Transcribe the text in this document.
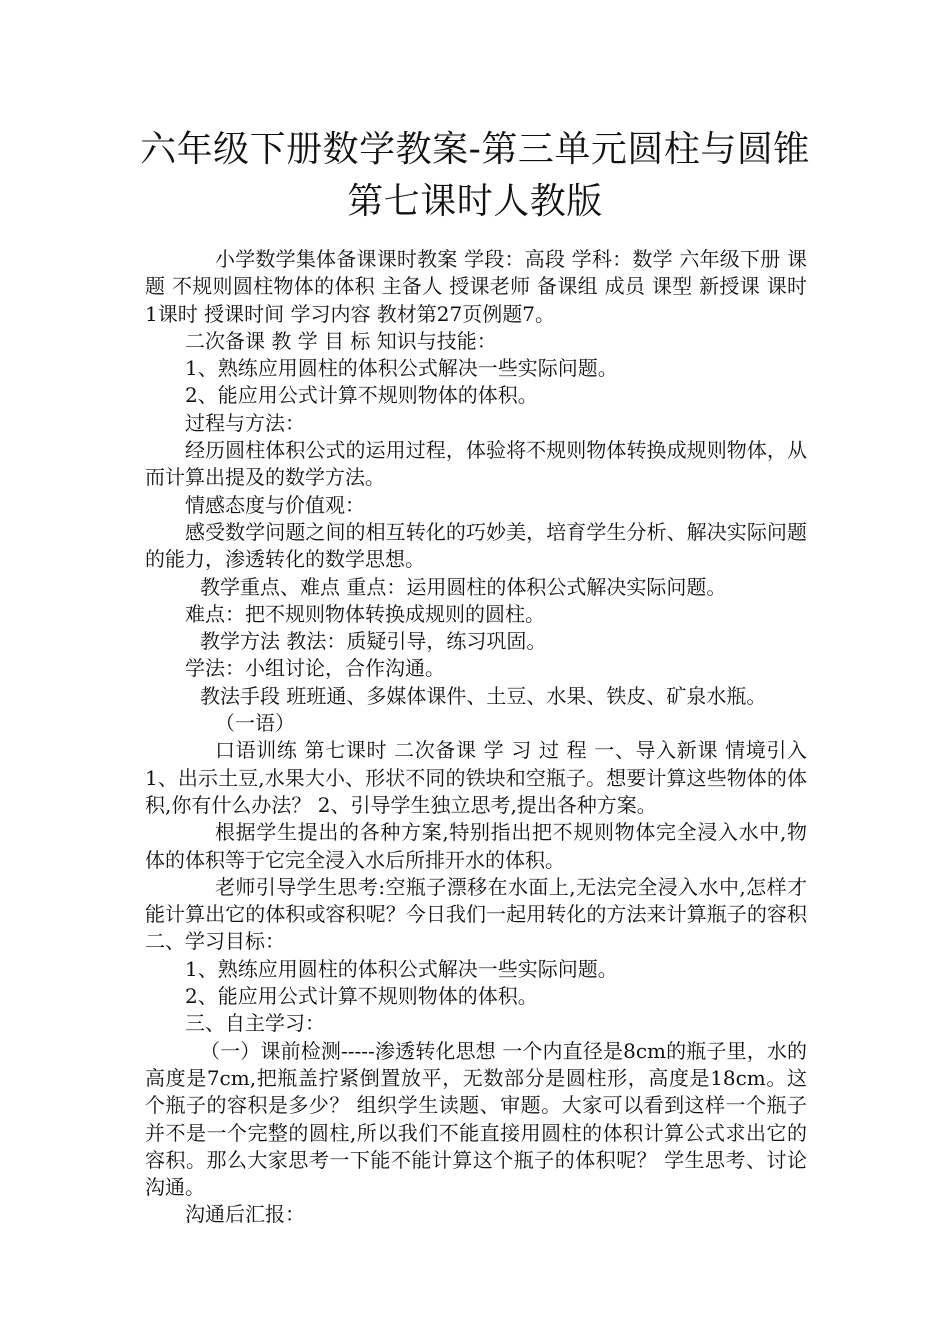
六年级下册数学教案-第三单元圆柱与圆锥
第七课时人教版

小学数学集体备课课时教案 学段：高段 学科：数学 六年级下册 课题 不规则圆柱物体的体积 主备人 授课老师 备课组 成员 课型 新授课 课时 1课时 授课时间 学习内容 教材第27页例题7。

二次备课 教 学 目 标 知识与技能：

1、熟练应用圆柱的体积公式解决一些实际问题。

2、能应用公式计算不规则物体的体积。

过程与方法：

经历圆柱体积公式的运用过程，体验将不规则物体转换成规则物体，从而计算出提及的数学方法。

情感态度与价值观：

感受数学问题之间的相互转化的巧妙美，培育学生分析、解决实际问题的能力，渗透转化的数学思想。

教学重点、难点 重点：运用圆柱的体积公式解决实际问题。

难点：把不规则物体转换成规则的圆柱。

教学方法 教法：质疑引导，练习巩固。

学法：小组讨论，合作沟通。

教法手段 班班通、多媒体课件、土豆、水果、铁皮、矿泉水瓶。

（一语）

口语训练 第七课时 二次备课 学 习 过 程 一、导入新课 情境引入 1、出示土豆,水果大小、形状不同的铁块和空瓶子。想要计算这些物体的体积,你有什么办法？ 2、引导学生独立思考,提出各种方案。

根据学生提出的各种方案,特别指出把不规则物体完全浸入水中,物体的体积等于它完全浸入水后所排开水的体积。

老师引导学生思考:空瓶子漂移在水面上,无法完全浸入水中,怎样才能计算出它的体积或容积呢？今日我们一起用转化的方法来计算瓶子的容积 二、学习目标：

1、熟练应用圆柱的体积公式解决一些实际问题。

2、能应用公式计算不规则物体的体积。

三、自主学习：

（一）课前检测-----渗透转化思想 一个内直径是8cm的瓶子里，水的高度是7cm,把瓶盖拧紧倒置放平，无数部分是圆柱形，高度是18cm。这个瓶子的容积是多少？ 组织学生读题、审题。大家可以看到这样一个瓶子并不是一个完整的圆柱,所以我们不能直接用圆柱的体积计算公式求出它的容积。那么大家思考一下能不能计算这个瓶子的体积呢？ 学生思考、讨论沟通。

沟通后汇报：
